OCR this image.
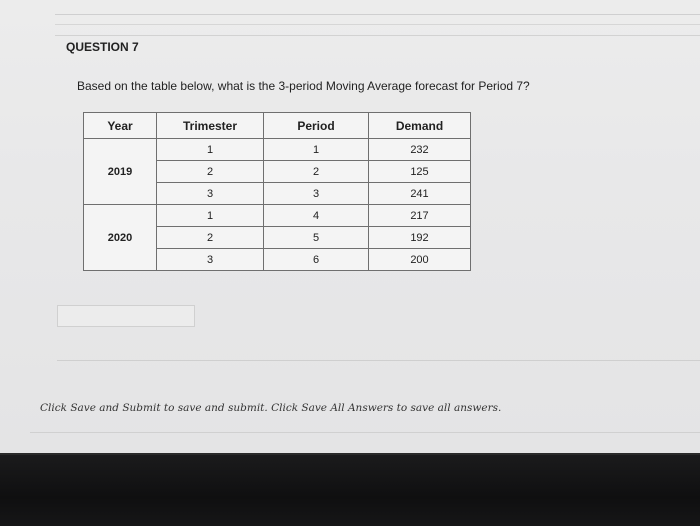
QUESTION 7
Based on the table below, what is the 3-period Moving Average forecast for Period 7?
Year	Trimester	Period	Demand
2019	1	1	232
	2	2	125
	3	3	241
2020	1	4	217
	2	5	192
	3	6	200
Click Save and Submit to save and submit. Click Save All Answers to save all answers.
